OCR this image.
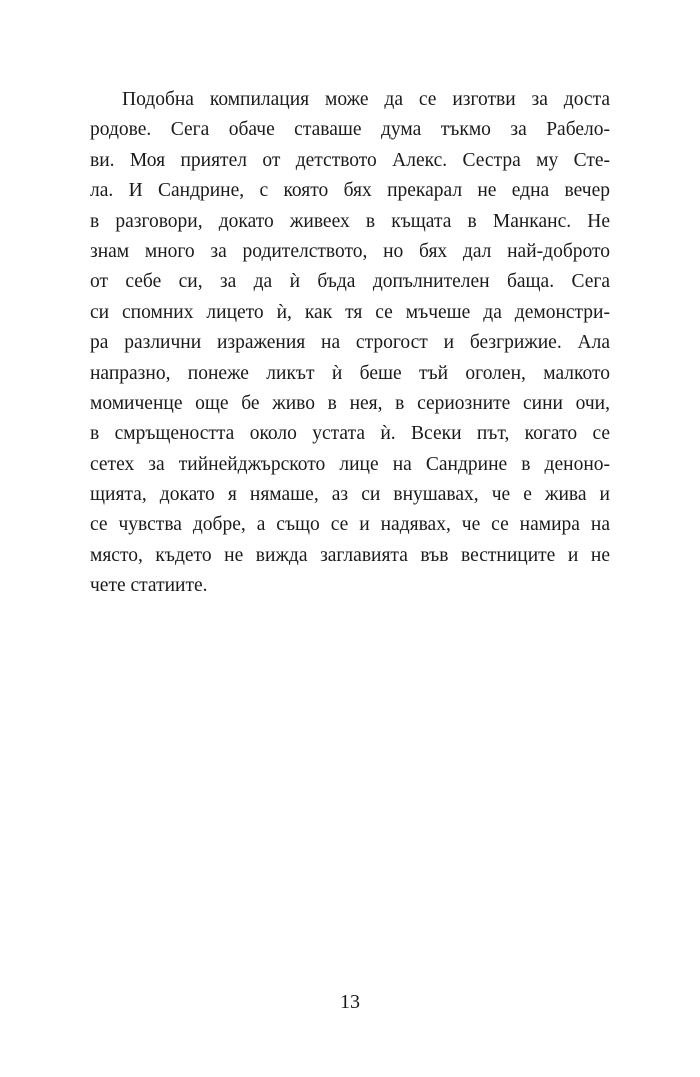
Подобна компилация може да се изготви за доста
родове. Сега обаче ставаше дума тъкмо за Рабело-
ви. Моя приятел от детството Алекс. Сестра му Сте-
ла. И Сандрине, с която бях прекарал не една вечер
в разговори, докато живеех в къщата в Манканс. Не
знам много за родителството, но бях дал най-доброто
от себе си, за да ѝ бъда допълнителен баща. Сега
си спомних лицето ѝ, как тя се мъчеше да демонстри-
ра различни изражения на строгост и безгрижие. Ала
напразно, понеже ликът ѝ беше тъй оголен, малкото
момиченце още бе живо в нея, в сериозните сини очи,
в смръщеността около устата ѝ. Всеки път, когато се
сетех за тийнейджърското лице на Сандрине в деноно-
щията, докато я нямаше, аз си внушавах, че е жива и
се чувства добре, а също се и надявах, че се намира на
място, където не вижда заглавията във вестниците и не
чете статиите.
13
